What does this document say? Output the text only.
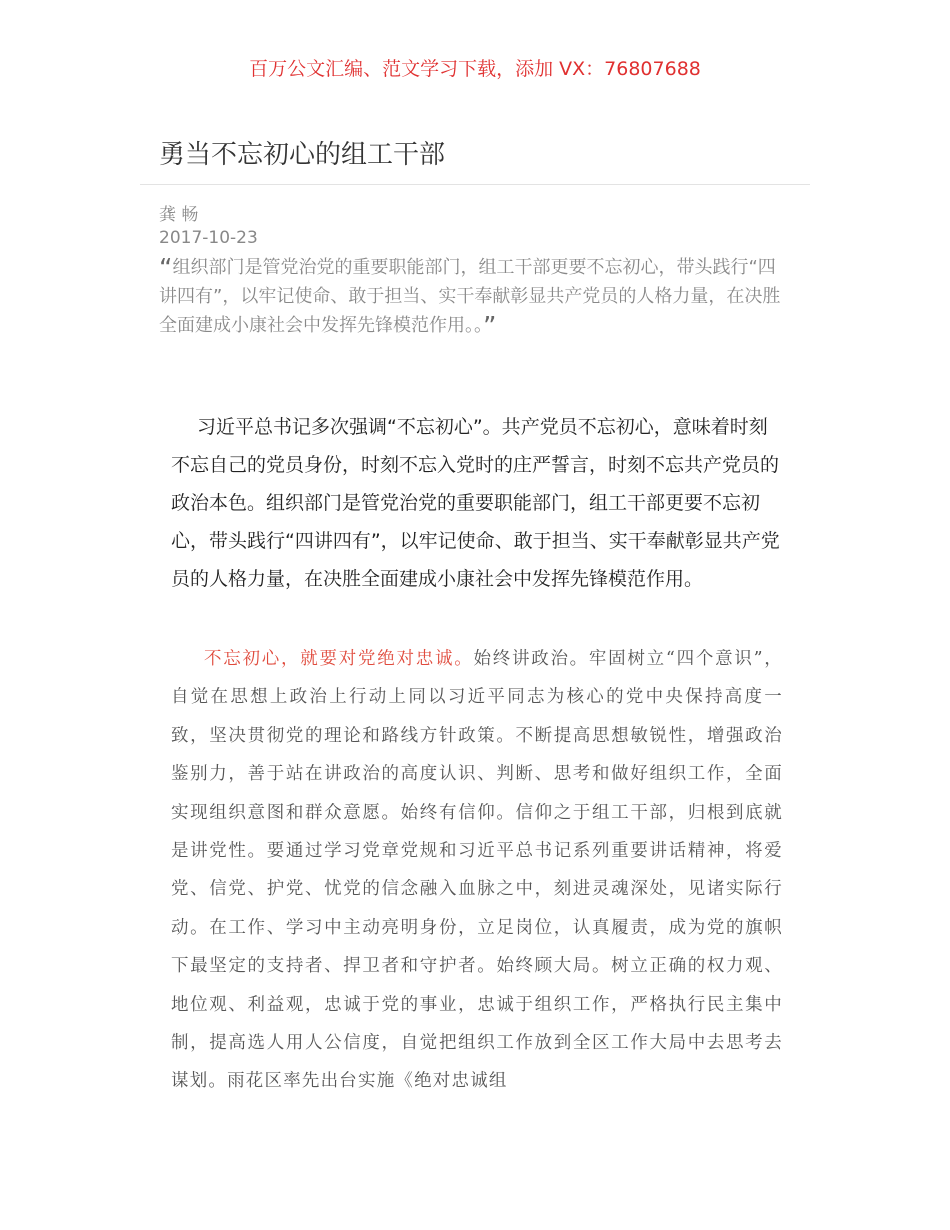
百万公文汇编、范文学习下载，添加 VX：76807688
勇当不忘初心的组工干部
龚 畅
2017-10-23
“组织部门是管党治党的重要职能部门，组工干部更要不忘初心，带头践行“四讲四有”，以牢记使命、敢于担当、实干奉献彰显共产党员的人格力量，在决胜全面建成小康社会中发挥先锋模范作用。。”

习近平总书记多次强调“不忘初心”。共产党员不忘初心，意味着时刻不忘自己的党员身份，时刻不忘入党时的庄严誓言，时刻不忘共产党员的政治本色。组织部门是管党治党的重要职能部门，组工干部更要不忘初心，带头践行“四讲四有”，以牢记使命、敢于担当、实干奉献彰显共产党员的人格力量，在决胜全面建成小康社会中发挥先锋模范作用。

不忘初心，就要对党绝对忠诚。始终讲政治。牢固树立“四个意识”，自觉在思想上政治上行动上同以习近平同志为核心的党中央保持高度一致，坚决贯彻党的理论和路线方针政策。不断提高思想敏锐性，增强政治鉴别力，善于站在讲政治的高度认识、判断、思考和做好组织工作，全面实现组织意图和群众意愿。始终有信仰。信仰之于组工干部，归根到底就是讲党性。要通过学习党章党规和习近平总书记系列重要讲话精神，将爱党、信党、护党、忧党的信念融入血脉之中，刻进灵魂深处，见诸实际行动。在工作、学习中主动亮明身份，立足岗位，认真履责，成为党的旗帜下最坚定的支持者、捍卫者和守护者。始终顾大局。树立正确的权力观、地位观、利益观，忠诚于党的事业，忠诚于组织工作，严格执行民主集中制，提高选人用人公信度，自觉把组织工作放到全区工作大局中去思考去谋划。雨花区率先出台实施《绝对忠诚组
